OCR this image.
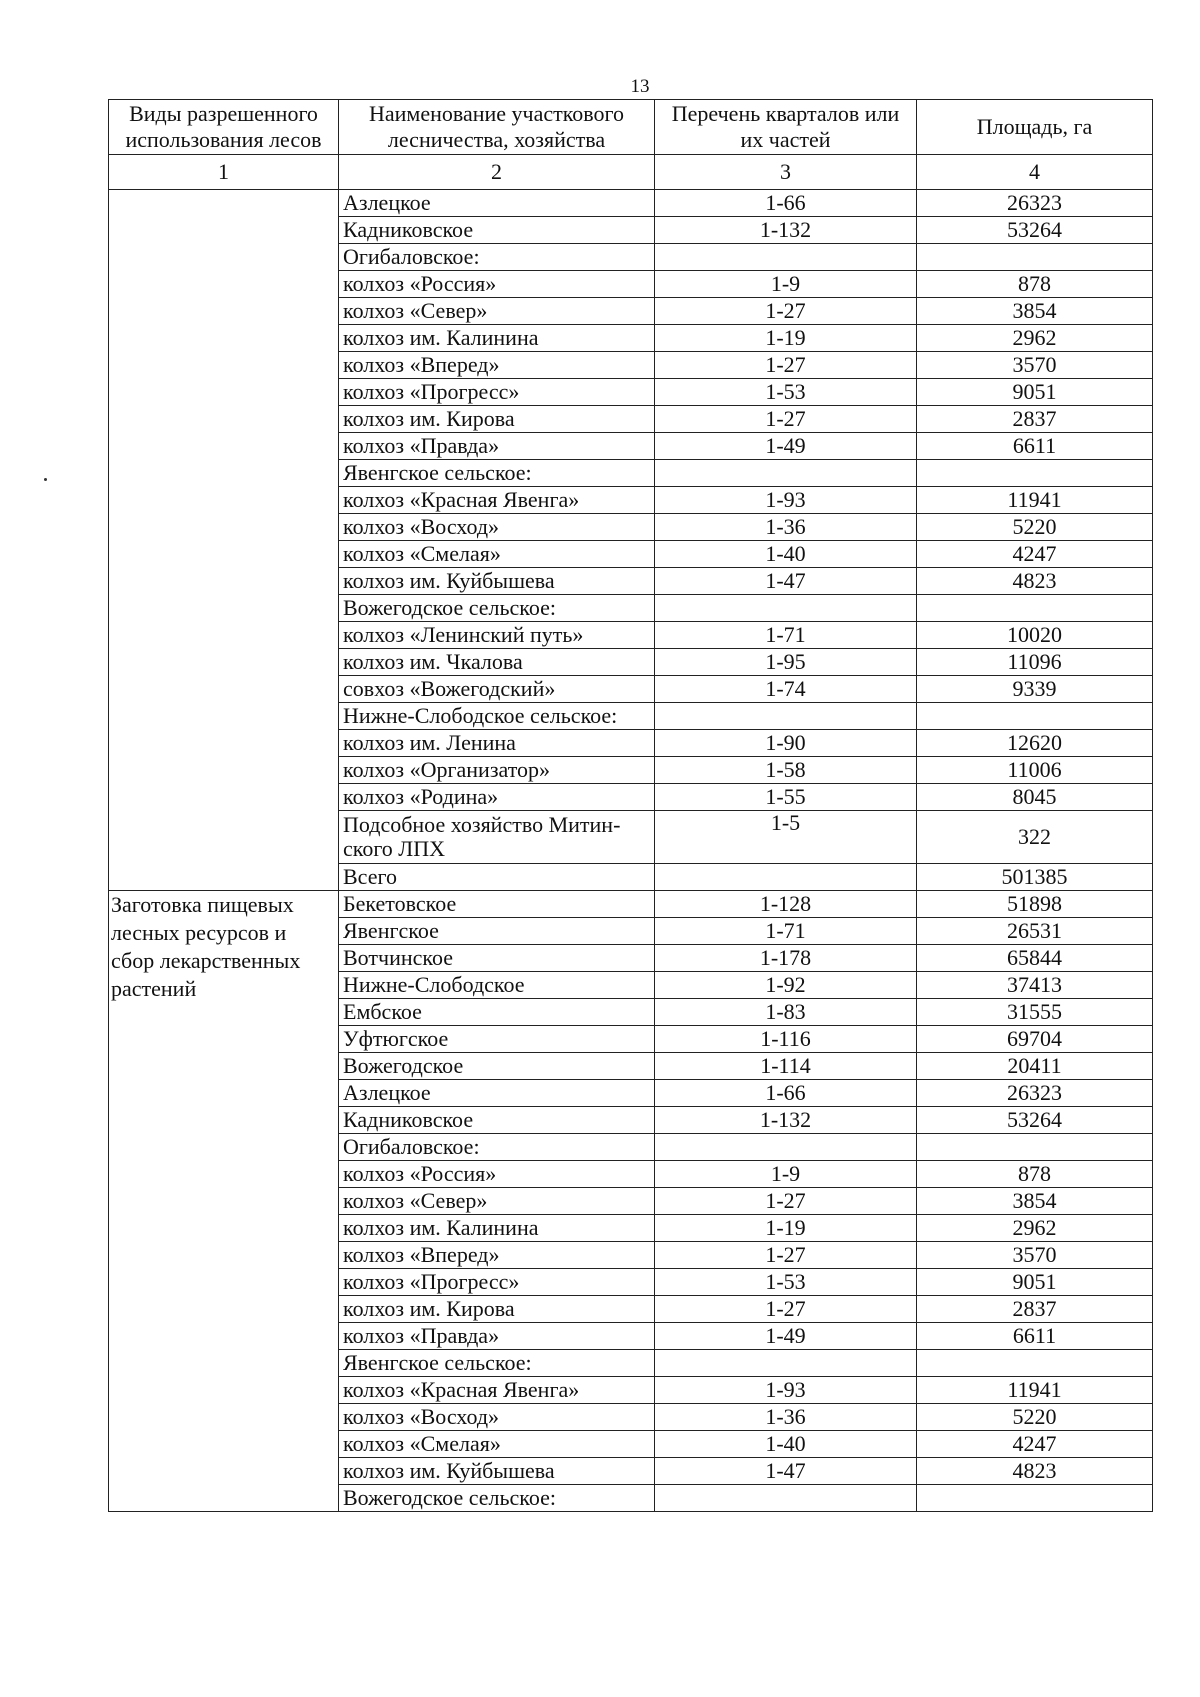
13
Виды разрешенного использования лесов	Наименование участкового лесничества, хозяйства	Перечень кварталов или их частей	Площадь, га
1	2	3	4
	Азлецкое	1-66	26323
	Кадниковское	1-132	53264
	Огибаловское:		
	колхоз «Россия»	1-9	878
	колхоз «Север»	1-27	3854
	колхоз им. Калинина	1-19	2962
	колхоз «Вперед»	1-27	3570
	колхоз «Прогресс»	1-53	9051
	колхоз им. Кирова	1-27	2837
	колхоз «Правда»	1-49	6611
	Явенгское сельское:		
	колхоз «Красная Явенга»	1-93	11941
	колхоз «Восход»	1-36	5220
	колхоз «Смелая»	1-40	4247
	колхоз им. Куйбышева	1-47	4823
	Вожегодское сельское:		
	колхоз «Ленинский путь»	1-71	10020
	колхоз им. Чкалова	1-95	11096
	совхоз «Вожегодский»	1-74	9339
	Нижне-Слободское сельское:		
	колхоз им. Ленина	1-90	12620
	колхоз «Организатор»	1-58	11006
	колхоз «Родина»	1-55	8045
	Подсобное хозяйство Митин-ского ЛПХ	1-5	322
	Всего		501385
Заготовка пищевых лесных ресурсов и сбор лекарственных растений	Бекетовское	1-128	51898
	Явенгское	1-71	26531
	Вотчинское	1-178	65844
	Нижне-Слободское	1-92	37413
	Ембское	1-83	31555
	Уфтюгское	1-116	69704
	Вожегодское	1-114	20411
	Азлецкое	1-66	26323
	Кадниковское	1-132	53264
	Огибаловское:		
	колхоз «Россия»	1-9	878
	колхоз «Север»	1-27	3854
	колхоз им. Калинина	1-19	2962
	колхоз «Вперед»	1-27	3570
	колхоз «Прогресс»	1-53	9051
	колхоз им. Кирова	1-27	2837
	колхоз «Правда»	1-49	6611
	Явенгское сельское:		
	колхоз «Красная Явенга»	1-93	11941
	колхоз «Восход»	1-36	5220
	колхоз «Смелая»	1-40	4247
	колхоз им. Куйбышева	1-47	4823
	Вожегодское сельское:		
